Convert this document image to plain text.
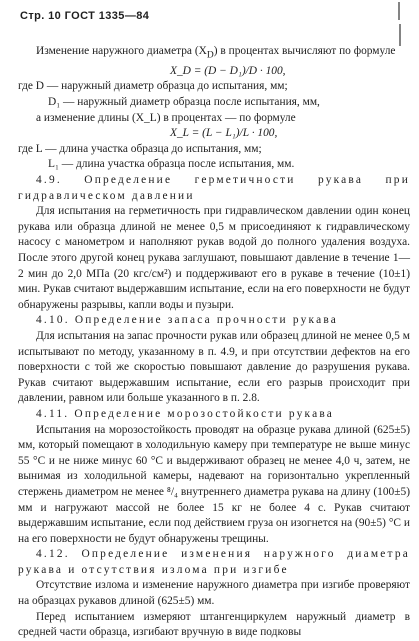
Стр. 10 ГОСТ 1335—84

Изменение наружного диаметра $(X_D)$ в процентах вычисляют по формуле

X_D = (D − D₁)/D · 100,

где D — наружный диаметр образца до испытания, мм;

D₁ — наружный диаметр образца после испытания, мм,

а изменение длины (X_L) в процентах — по формуле

X_L = (L − L₁)/L · 100,

где L — длина участка образца до испытания, мм;

L₁ — длина участка образца после испытания, мм.

4.9. Определение герметичности рукава при гидравлическом давлении

Для испытания на герметичность при гидравлическом давлении один конец рукава или образца длиной не менее 0,5 м присоединяют к гидравлическому насосу с манометром и наполняют рукав водой до полного удаления воздуха. После этого другой конец рукава заглушают, повышают давление в течение 1—2 мин до 2,0 МПа (20 кгс/см²) и поддерживают его в рукаве в течение (10±1) мин. Рукав считают выдержавшим испытание, если на его поверхности не будут обнаружены разрывы, капли воды и пузыри.

4.10. Определение запаса прочности рукава

Для испытания на запас прочности рукав или образец длиной не менее 0,5 м испытывают по методу, указанному в п. 4.9, и при отсутствии дефектов на его поверхности с той же скоростью повышают давление до разрушения рукава. Рукав считают выдержавшим испытание, если его разрыв происходит при давлении, равном или больше указанного в п. 2.8.

4.11. Определение морозостойкости рукава

Испытания на морозостойкость проводят на образце рукава длиной (625±5) мм, который помещают в холодильную камеру при температуре не выше минус 55 °С и не ниже минус 60 °С и выдерживают образец не менее 4,0 ч, затем, не вынимая из холодильной камеры, надевают на горизонтально укрепленный стержень диаметром не менее ⁸/₄ внутреннего диаметра рукава на длину (100±5) мм и нагружают массой не более 15 кг не более 4 с. Рукав считают выдержавшим испытание, если под действием груза он изогнется на (90±5) °С и на его поверхности не будут обнаружены трещины.

4.12. Определение изменения наружного диаметра рукава и отсутствия излома при изгибе

Отсутствие излома и изменение наружного диаметра при изгибе проверяют на образцах рукавов длиной (625±5) мм.

Перед испытанием измеряют штангенциркулем наружный диаметр в средней части образца, изгибают вручную в виде подковы
